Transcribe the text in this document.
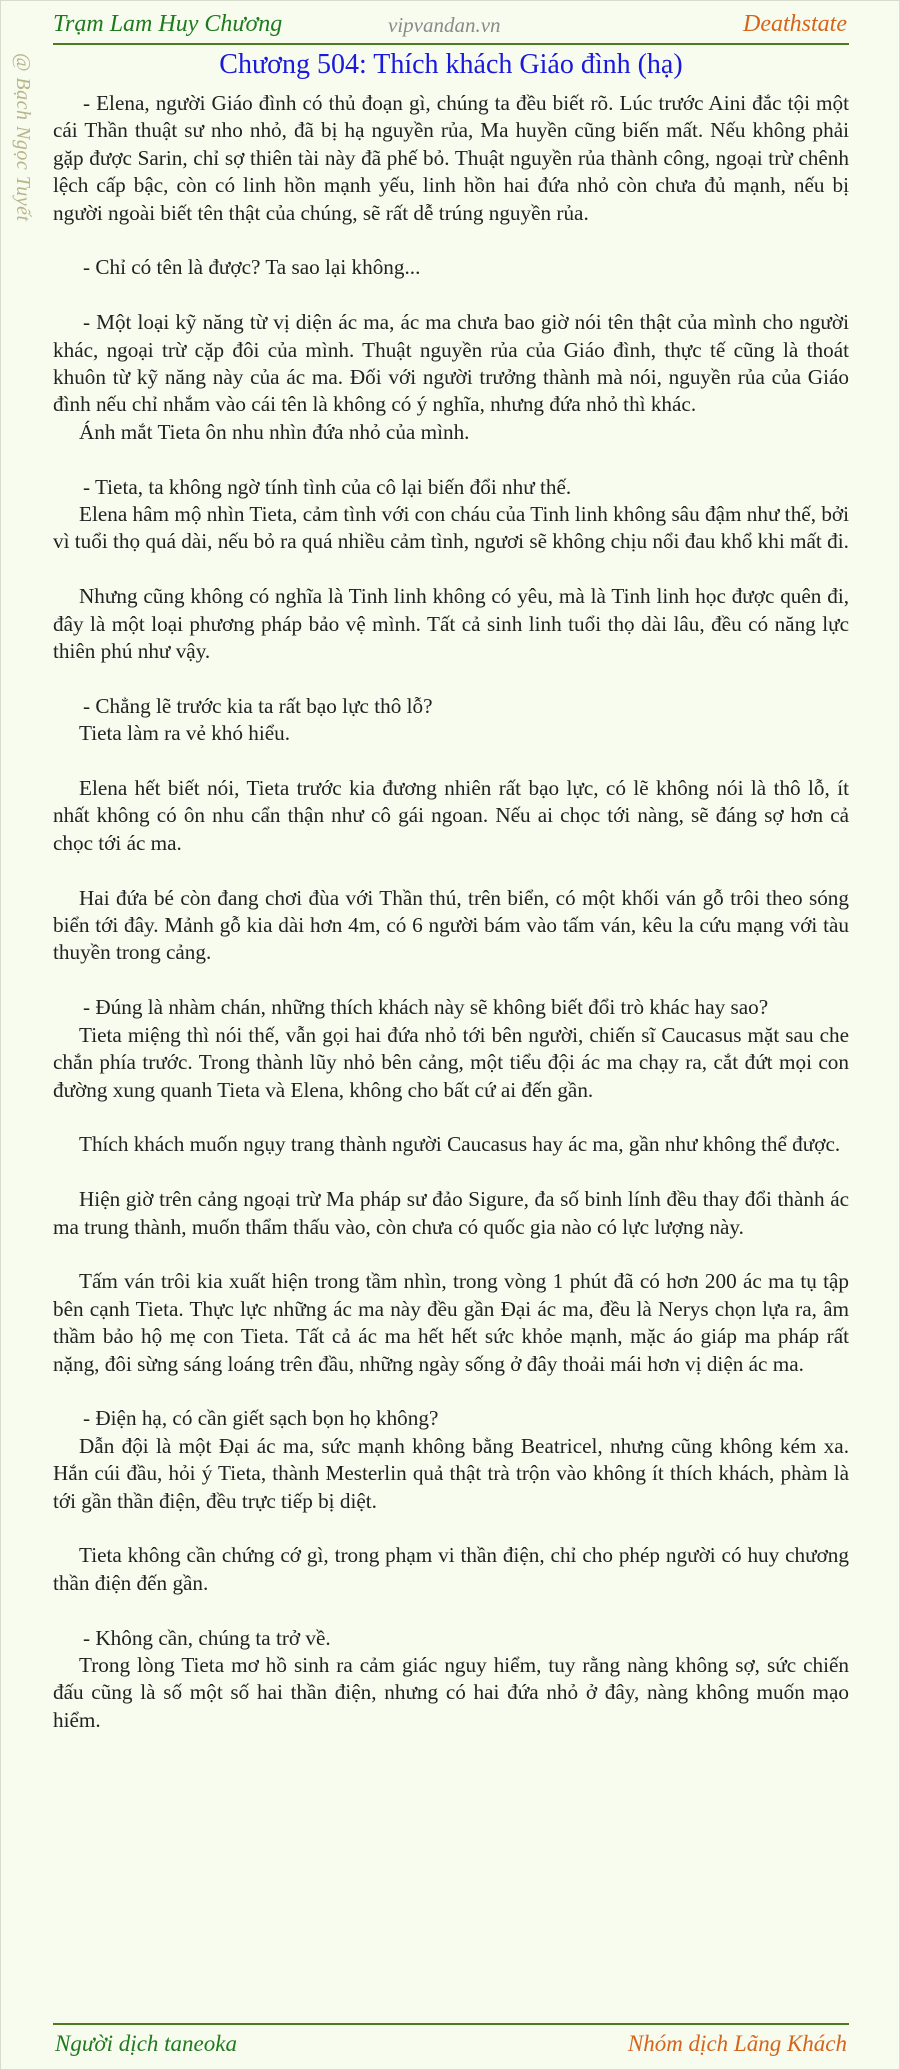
Trạm Lam Huy Chương	vipvandan.vn	Deathstate
@ Bạch Ngọc Tuyết	Chương 504: Thích khách Giáo đình (hạ)

- Elena, người Giáo đình có thủ đoạn gì, chúng ta đều biết rõ. Lúc trước Aini đắc tội một cái Thần thuật sư nho nhỏ, đã bị hạ nguyền rủa, Ma huyền cũng biến mất. Nếu không phải gặp được Sarin, chỉ sợ thiên tài này đã phế bỏ. Thuật nguyền rủa thành công, ngoại trừ chênh lệch cấp bậc, còn có linh hồn mạnh yếu, linh hồn hai đứa nhỏ còn chưa đủ mạnh, nếu bị người ngoài biết tên thật của chúng, sẽ rất dễ trúng nguyền rủa.

- Chỉ có tên là được? Ta sao lại không...

- Một loại kỹ năng từ vị diện ác ma, ác ma chưa bao giờ nói tên thật của mình cho người khác, ngoại trừ cặp đôi của mình. Thuật nguyền rủa của Giáo đình, thực tế cũng là thoát khuôn từ kỹ năng này của ác ma. Đối với người trưởng thành mà nói, nguyền rủa của Giáo đình nếu chỉ nhắm vào cái tên là không có ý nghĩa, nhưng đứa nhỏ thì khác.

Ánh mắt Tieta ôn nhu nhìn đứa nhỏ của mình.

- Tieta, ta không ngờ tính tình của cô lại biến đổi như thế.

Elena hâm mộ nhìn Tieta, cảm tình với con cháu của Tinh linh không sâu đậm như thế, bởi vì tuổi thọ quá dài, nếu bỏ ra quá nhiều cảm tình, ngươi sẽ không chịu nổi đau khổ khi mất đi.

Nhưng cũng không có nghĩa là Tinh linh không có yêu, mà là Tinh linh học được quên đi, đây là một loại phương pháp bảo vệ mình. Tất cả sinh linh tuổi thọ dài lâu, đều có năng lực thiên phú như vậy.

- Chẳng lẽ trước kia ta rất bạo lực thô lỗ?

Tieta làm ra vẻ khó hiểu.

Elena hết biết nói, Tieta trước kia đương nhiên rất bạo lực, có lẽ không nói là thô lỗ, ít nhất không có ôn nhu cẩn thận như cô gái ngoan. Nếu ai chọc tới nàng, sẽ đáng sợ hơn cả chọc tới ác ma.

Hai đứa bé còn đang chơi đùa với Thần thú, trên biển, có một khối ván gỗ trôi theo sóng biển tới đây. Mảnh gỗ kia dài hơn 4m, có 6 người bám vào tấm ván, kêu la cứu mạng với tàu thuyền trong cảng.

- Đúng là nhàm chán, những thích khách này sẽ không biết đổi trò khác hay sao?

Tieta miệng thì nói thế, vẫn gọi hai đứa nhỏ tới bên người, chiến sĩ Caucasus mặt sau che chắn phía trước. Trong thành lũy nhỏ bên cảng, một tiểu đội ác ma chạy ra, cắt đứt mọi con đường xung quanh Tieta và Elena, không cho bất cứ ai đến gần.

Thích khách muốn ngụy trang thành người Caucasus hay ác ma, gần như không thể được.

Hiện giờ trên cảng ngoại trừ Ma pháp sư đảo Sigure, đa số binh lính đều thay đổi thành ác ma trung thành, muốn thẩm thấu vào, còn chưa có quốc gia nào có lực lượng này.

Tấm ván trôi kia xuất hiện trong tầm nhìn, trong vòng 1 phút đã có hơn 200 ác ma tụ tập bên cạnh Tieta. Thực lực những ác ma này đều gần Đại ác ma, đều là Nerys chọn lựa ra, âm thầm bảo hộ mẹ con Tieta. Tất cả ác ma hết hết sức khỏe mạnh, mặc áo giáp ma pháp rất nặng, đôi sừng sáng loáng trên đầu, những ngày sống ở đây thoải mái hơn vị diện ác ma.

- Điện hạ, có cần giết sạch bọn họ không?

Dẫn đội là một Đại ác ma, sức mạnh không bằng Beatricel, nhưng cũng không kém xa. Hắn cúi đầu, hỏi ý Tieta, thành Mesterlin quả thật trà trộn vào không ít thích khách, phàm là tới gần thần điện, đều trực tiếp bị diệt.

Tieta không cần chứng cớ gì, trong phạm vi thần điện, chỉ cho phép người có huy chương thần điện đến gần.

- Không cần, chúng ta trở về.

Trong lòng Tieta mơ hồ sinh ra cảm giác nguy hiểm, tuy rằng nàng không sợ, sức chiến đấu cũng là số một số hai thần điện, nhưng có hai đứa nhỏ ở đây, nàng không muốn mạo hiểm.

Người dịch taneoka	Nhóm dịch Lãng Khách
